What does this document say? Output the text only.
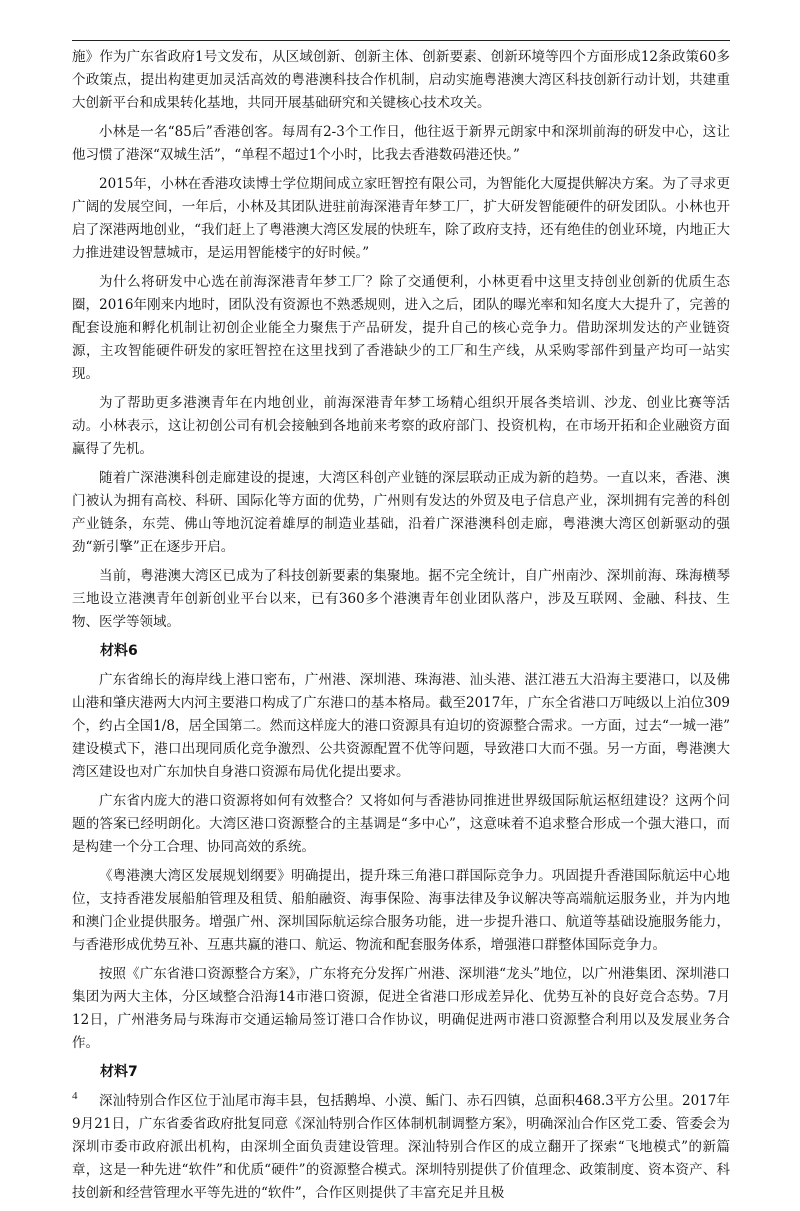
施》作为广东省政府1号文发布，从区域创新、创新主体、创新要素、创新环境等四个方面形成12条政策60多个政策点，提出构建更加灵活高效的粤港澳科技合作机制，启动实施粤港澳大湾区科技创新行动计划，共建重大创新平台和成果转化基地，共同开展基础研究和关键核心技术攻关。

小林是一名“85后”香港创客。每周有2-3个工作日，他往返于新界元朗家中和深圳前海的研发中心，这让他习惯了港深“双城生活”，“单程不超过1个小时，比我去香港数码港还快。”

2015年，小林在香港攻读博士学位期间成立家旺智控有限公司，为智能化大厦提供解决方案。为了寻求更广阔的发展空间，一年后，小林及其团队进驻前海深港青年梦工厂，扩大研发智能硬件的研发团队。小林也开启了深港两地创业，“我们赶上了粤港澳大湾区发展的快班车，除了政府支持，还有绝佳的创业环境，内地正大力推进建设智慧城市，是运用智能楼宇的好时候。”

为什么将研发中心选在前海深港青年梦工厂？除了交通便利，小林更看中这里支持创业创新的优质生态圈，2016年刚来内地时，团队没有资源也不熟悉规则，进入之后，团队的曝光率和知名度大大提升了，完善的配套设施和孵化机制让初创企业能全力聚焦于产品研发，提升自己的核心竞争力。借助深圳发达的产业链资源，主攻智能硬件研发的家旺智控在这里找到了香港缺少的工厂和生产线，从采购零部件到量产均可一站实现。

为了帮助更多港澳青年在内地创业，前海深港青年梦工场精心组织开展各类培训、沙龙、创业比赛等活动。小林表示，这让初创公司有机会接触到各地前来考察的政府部门、投资机构，在市场开拓和企业融资方面赢得了先机。

随着广深港澳科创走廊建设的提速，大湾区科创产业链的深层联动正成为新的趋势。一直以来，香港、澳门被认为拥有高校、科研、国际化等方面的优势，广州则有发达的外贸及电子信息产业，深圳拥有完善的科创产业链条，东莞、佛山等地沉淀着雄厚的制造业基础，沿着广深港澳科创走廊，粤港澳大湾区创新驱动的强劲“新引擎”正在逐步开启。

当前，粤港澳大湾区已成为了科技创新要素的集聚地。据不完全统计，自广州南沙、深圳前海、珠海横琴三地设立港澳青年创新创业平台以来，已有360多个港澳青年创业团队落户，涉及互联网、金融、科技、生物、医学等领域。

材料6

广东省绵长的海岸线上港口密布，广州港、深圳港、珠海港、汕头港、湛江港五大沿海主要港口，以及佛山港和肇庆港两大内河主要港口构成了广东港口的基本格局。截至2017年，广东全省港口万吨级以上泊位309个，约占全国1/8，居全国第二。然而这样庞大的港口资源具有迫切的资源整合需求。一方面，过去“一城一港” 建设模式下，港口出现同质化竞争激烈、公共资源配置不优等问题，导致港口大而不强。另一方面，粤港澳大湾区建设也对广东加快自身港口资源布局优化提出要求。

广东省内庞大的港口资源将如何有效整合？又将如何与香港协同推进世界级国际航运枢纽建设？这两个问题的答案已经明朗化。大湾区港口资源整合的主基调是“多中心”，这意味着不追求整合形成一个强大港口，而是构建一个分工合理、协同高效的系统。

《粤港澳大湾区发展规划纲要》明确提出，提升珠三角港口群国际竞争力。巩固提升香港国际航运中心地位，支持香港发展船舶管理及租赁、船舶融资、海事保险、海事法律及争议解决等高端航运服务业，并为内地和澳门企业提供服务。增强广州、深圳国际航运综合服务功能，进一步提升港口、航道等基础设施服务能力，与香港形成优势互补、互惠共赢的港口、航运、物流和配套服务体系，增强港口群整体国际竞争力。

按照《广东省港口资源整合方案》，广东将充分发挥广州港、深圳港“龙头”地位，以广州港集团、深圳港口集团为两大主体，分区域整合沿海14市港口资源，促进全省港口形成差异化、优势互补的良好竞合态势。7月12日，广州港务局与珠海市交通运输局签订港口合作协议，明确促进两市港口资源整合利用以及发展业务合作。

材料7

深汕特别合作区位于汕尾市海丰县，包括鹅埠、小漠、鲘门、赤石四镇，总面积468.3平方公里。2017年9月21日，广东省委省政府批复同意《深汕特别合作区体制机制调整方案》，明确深汕合作区党工委、管委会为深圳市委市政府派出机构，由深圳全面负责建设管理。深汕特别合作区的成立翻开了探索“飞地模式”的新篇章，这是一种先进“软件”和优质“硬件”的资源整合模式。深圳特别提供了价值理念、政策制度、资本资产、科技创新和经营管理水平等先进的“软件”，合作区则提供了丰富充足并且极

4
